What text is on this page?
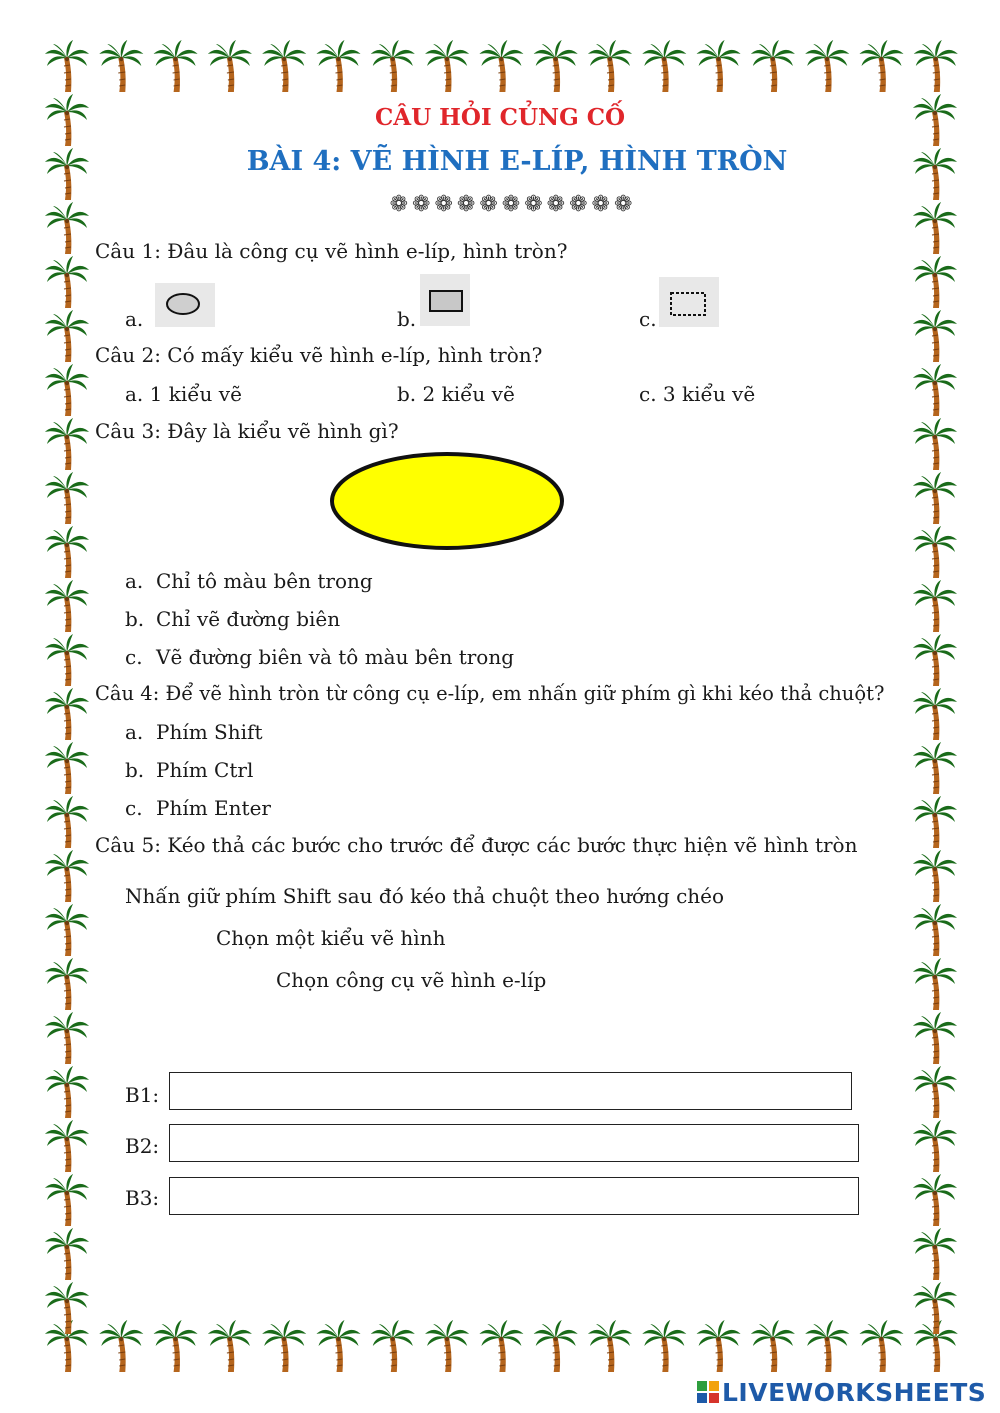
CÂU HỎI CỦNG CỐ
BÀI 4: VẼ HÌNH E-LÍP, HÌNH TRÒN
❁❁❁❁❁❁❁❁❁❁❁
Câu 1: Đâu là công cụ vẽ hình e-líp, hình tròn?
a.	b.	c.
Câu 2: Có mấy kiểu vẽ hình e-líp, hình tròn?
a. 1 kiểu vẽ	b. 2 kiểu vẽ	c. 3 kiểu vẽ
Câu 3: Đây là kiểu vẽ hình gì?
a. Chỉ tô màu bên trong
b. Chỉ vẽ đường biên
c. Vẽ đường biên và tô màu bên trong
Câu 4: Để vẽ hình tròn từ công cụ e-líp, em nhấn giữ phím gì khi kéo thả chuột?
a. Phím Shift
b. Phím Ctrl
c. Phím Enter
Câu 5: Kéo thả các bước cho trước để được các bước thực hiện vẽ hình tròn
Nhấn giữ phím Shift sau đó kéo thả chuột theo hướng chéo
Chọn một kiểu vẽ hình
Chọn công cụ vẽ hình e-líp
B1:
B2:
B3:
LIVEWORKSHEETS
